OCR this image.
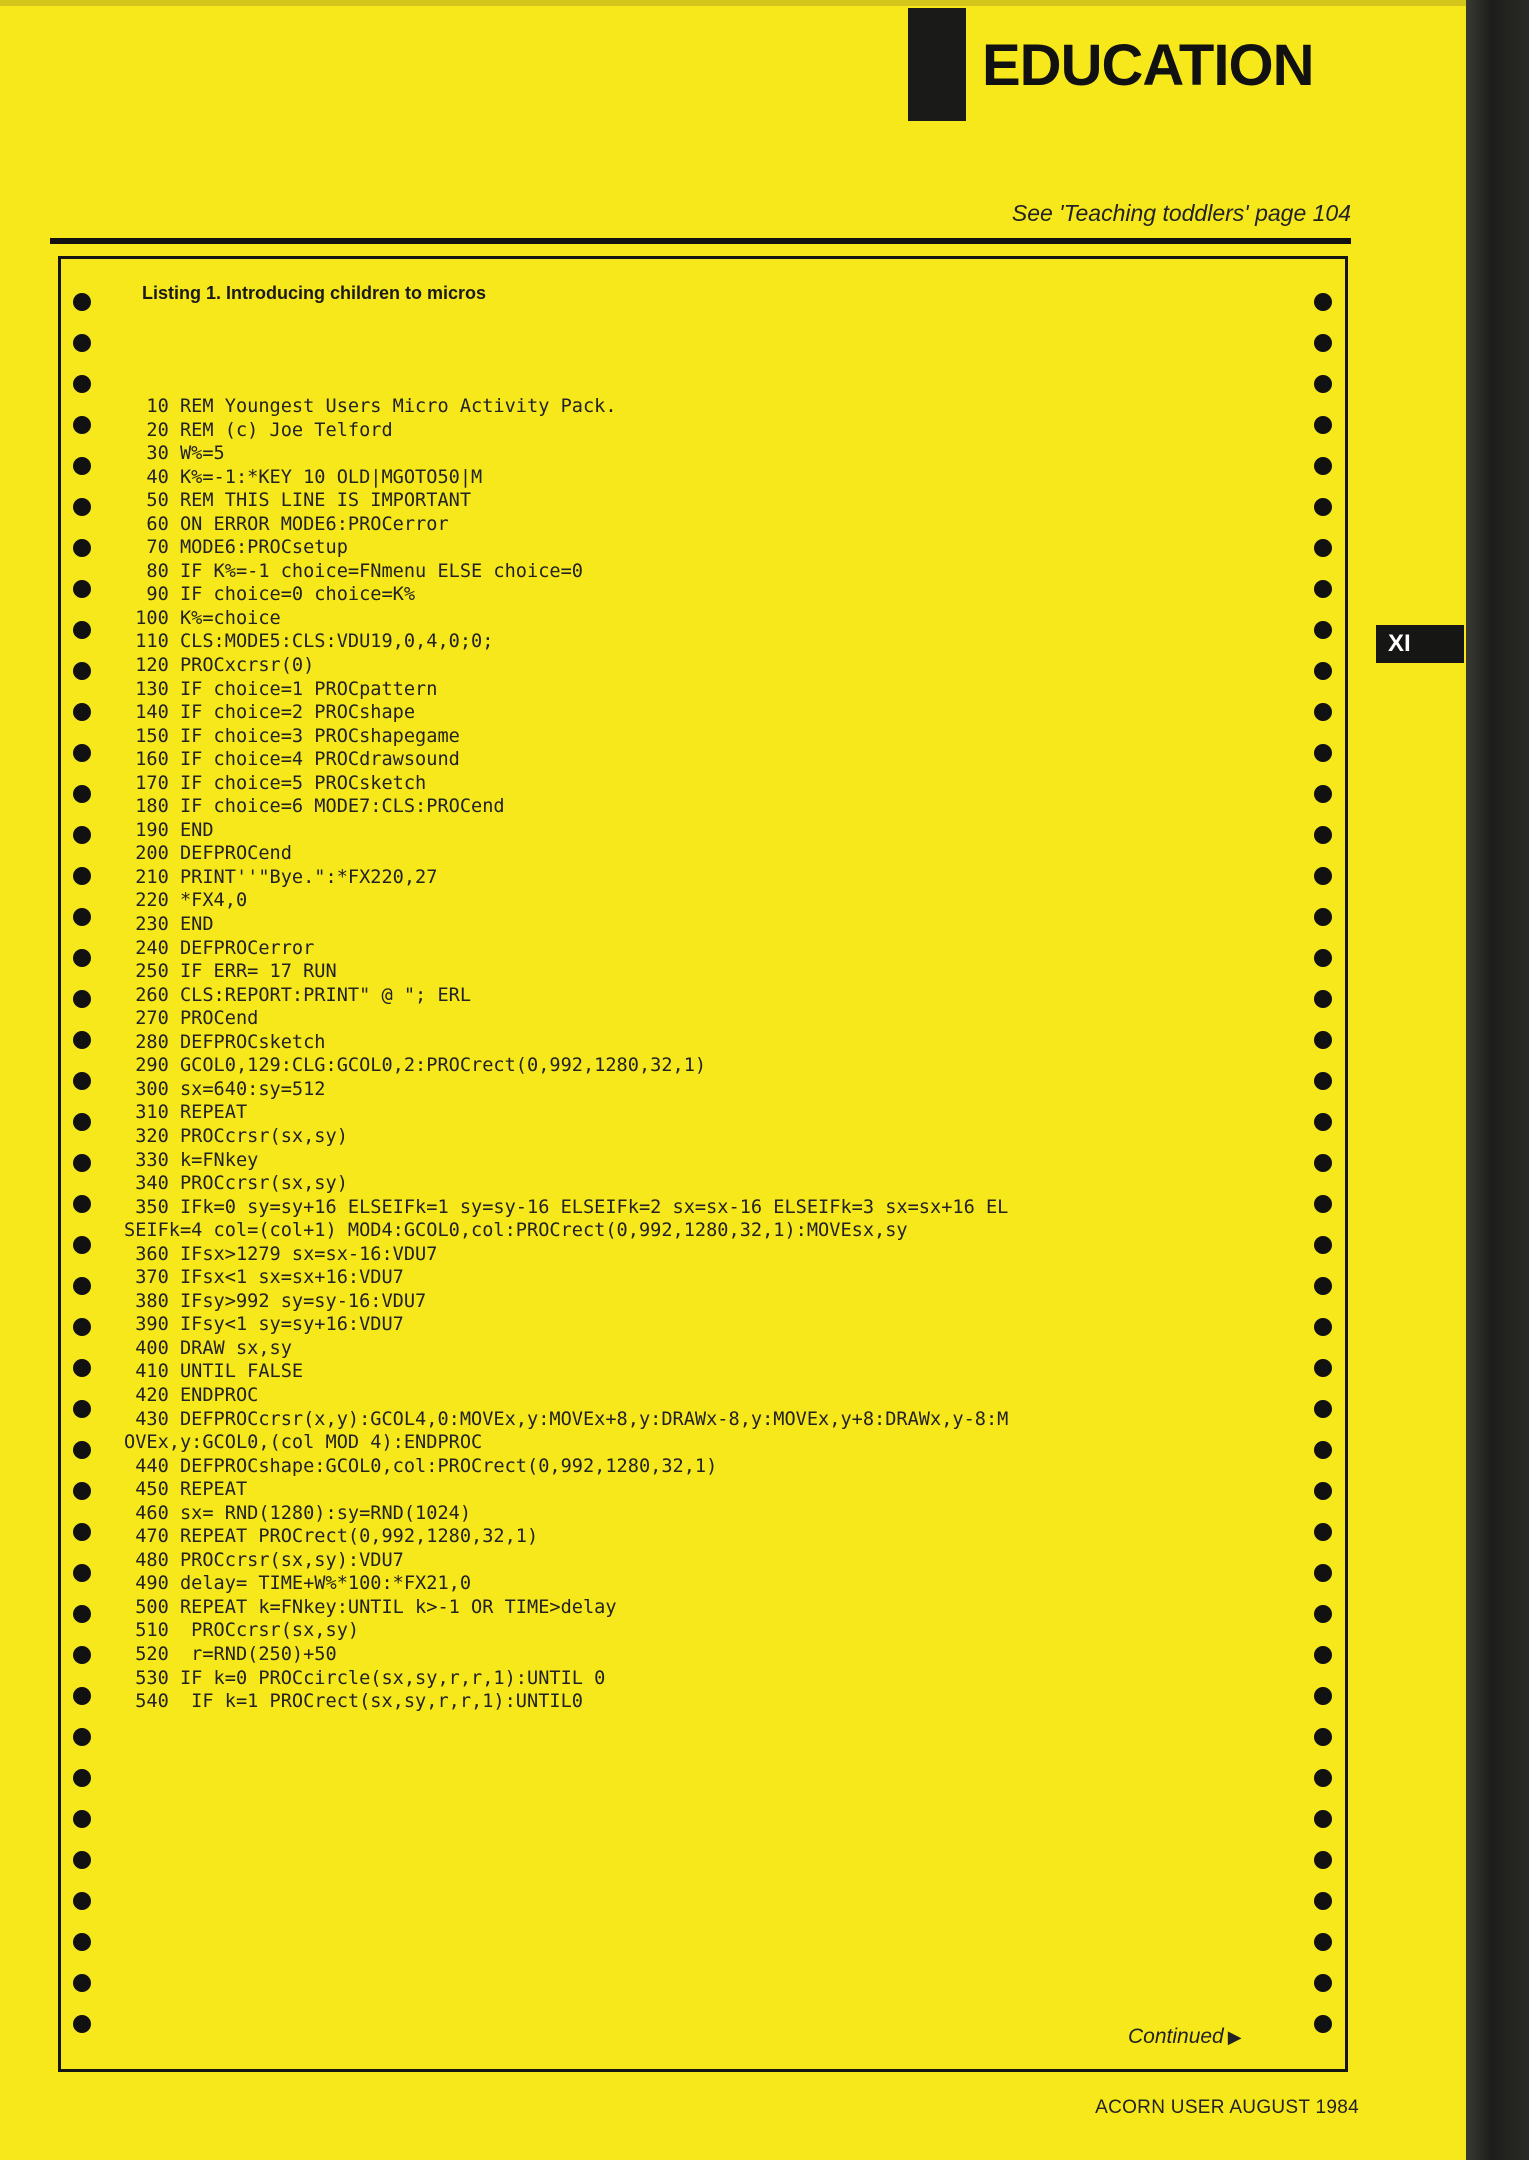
EDUCATION
See 'Teaching toddlers' page 104
XI
Listing 1. Introducing children to micros
10 REM Youngest Users Micro Activity Pack.
20 REM (c) Joe Telford
30 W%=5
40 K%=-1:*KEY 10 OLD|MGOTO50|M
50 REM THIS LINE IS IMPORTANT
60 ON ERROR MODE6:PROCerror
70 MODE6:PROCsetup
80 IF K%=-1 choice=FNmenu ELSE choice=0
90 IF choice=0 choice=K%
100 K%=choice
110 CLS:MODE5:CLS:VDU19,0,4,0;0;
120 PROCxcrsr(0)
130 IF choice=1 PROCpattern
140 IF choice=2 PROCshape
150 IF choice=3 PROCshapegame
160 IF choice=4 PROCdrawsound
170 IF choice=5 PROCsketch
180 IF choice=6 MODE7:CLS:PROCend
190 END
200 DEFPROCend
210 PRINT''"Bye.":*FX220,27
220 *FX4,0
230 END
240 DEFPROCerror
250 IF ERR= 17 RUN
260 CLS:REPORT:PRINT" @ "; ERL
270 PROCend
280 DEFPROCsketch
290 GCOL0,129:CLG:GCOL0,2:PROCrect(0,992,1280,32,1)
300 sx=640:sy=512
310 REPEAT
320 PROCcrsr(sx,sy)
330 k=FNkey
340 PROCcrsr(sx,sy)
350 IFk=0 sy=sy+16 ELSEIFk=1 sy=sy-16 ELSEIFk=2 sx=sx-16 ELSEIFk=3 sx=sx+16 EL
SEIFk=4 col=(col+1) MOD4:GCOL0,col:PROCrect(0,992,1280,32,1):MOVEsx,sy
360 IFsx>1279 sx=sx-16:VDU7
370 IFsx<1 sx=sx+16:VDU7
380 IFsy>992 sy=sy-16:VDU7
390 IFsy<1 sy=sy+16:VDU7
400 DRAW sx,sy
410 UNTIL FALSE
420 ENDPROC
430 DEFPROCcrsr(x,y):GCOL4,0:MOVEx,y:MOVEx+8,y:DRAWx-8,y:MOVEx,y+8:DRAWx,y-8:M
OVEx,y:GCOL0,(col MOD 4):ENDPROC
440 DEFPROCshape:GCOL0,col:PROCrect(0,992,1280,32,1)
450 REPEAT
460 sx= RND(1280):sy=RND(1024)
470 REPEAT PROCrect(0,992,1280,32,1)
480 PROCcrsr(sx,sy):VDU7
490 delay= TIME+W%*100:*FX21,0
500 REPEAT k=FNkey:UNTIL k>-1 OR TIME>delay
510  PROCcrsr(sx,sy)
520  r=RND(250)+50
530 IF k=0 PROCcircle(sx,sy,r,r,1):UNTIL 0
540  IF k=1 PROCrect(sx,sy,r,r,1):UNTIL0
Continued ▶
ACORN USER AUGUST 1984
